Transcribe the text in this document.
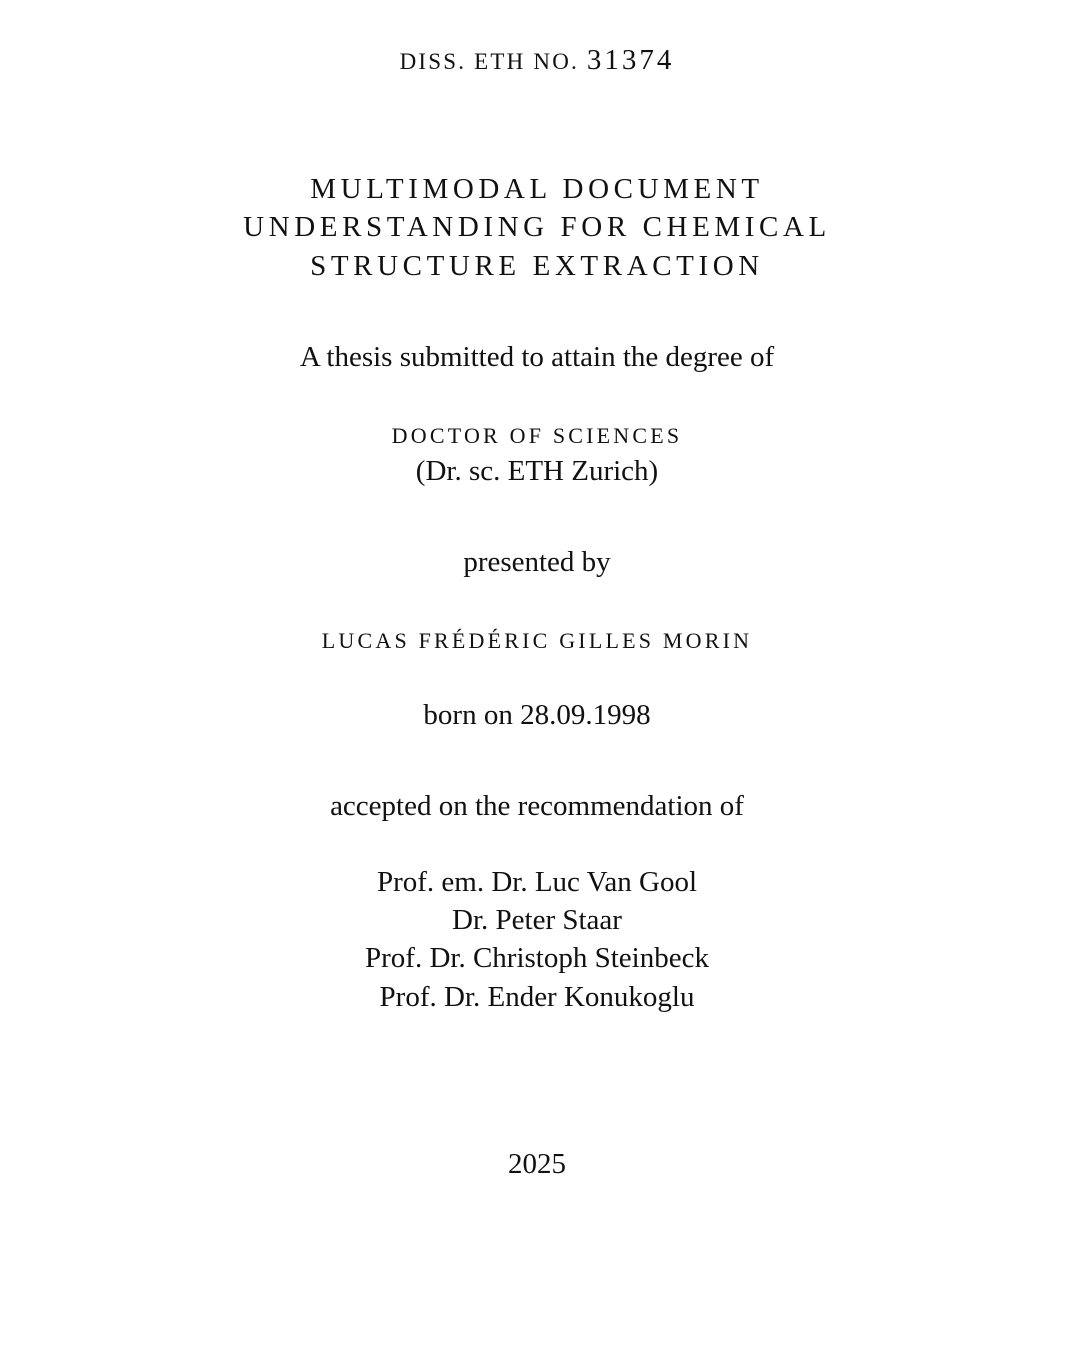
DISS. ETH NO. 31374
MULTIMODAL DOCUMENT
UNDERSTANDING FOR CHEMICAL
STRUCTURE EXTRACTION
A thesis submitted to attain the degree of
DOCTOR OF SCIENCES
(Dr. sc. ETH Zurich)
presented by
LUCAS FRÉDÉRIC GILLES MORIN
born on 28.09.1998
accepted on the recommendation of
Prof. em. Dr. Luc Van Gool
Dr. Peter Staar
Prof. Dr. Christoph Steinbeck
Prof. Dr. Ender Konukoglu
2025
